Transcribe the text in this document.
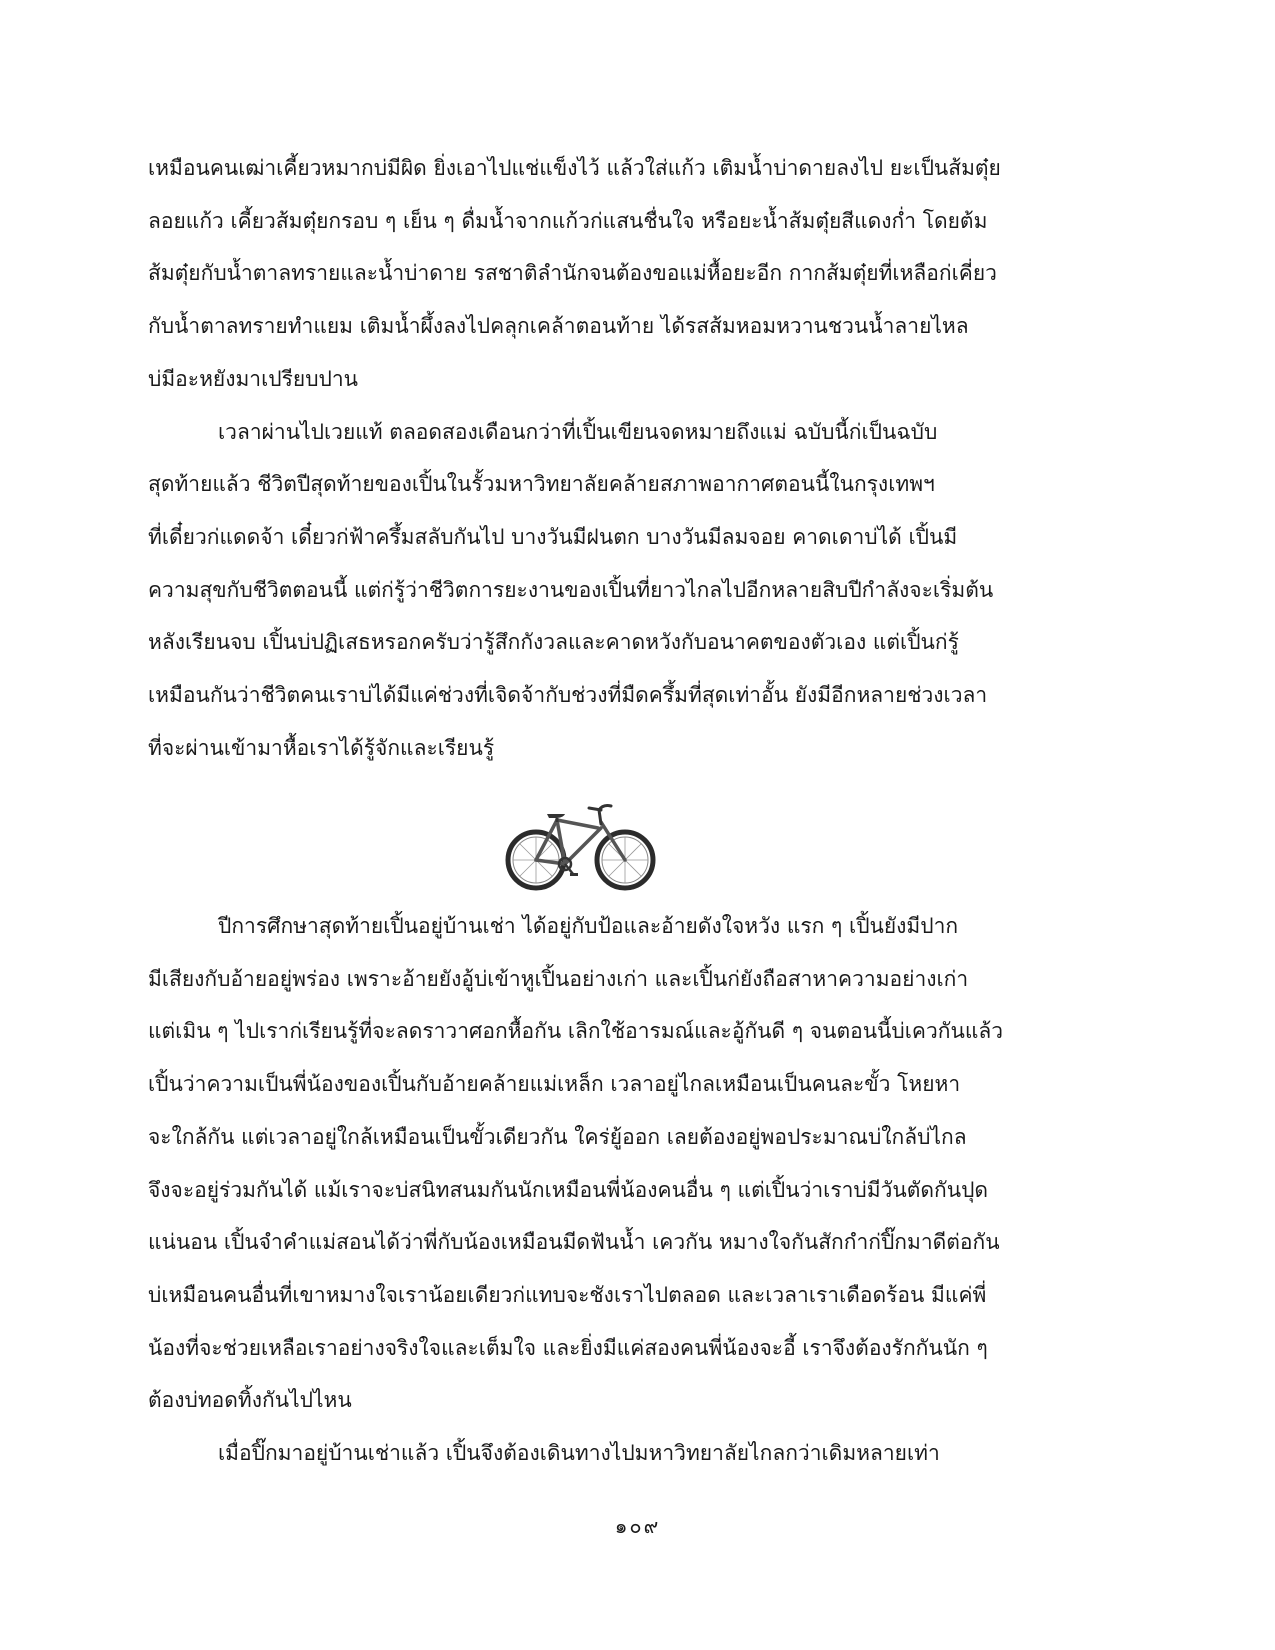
เหมือนคนเฒ่าเคี้ยวหมากบ่มีผิด ยิ่งเอาไปแช่แข็งไว้ แล้วใส่แก้ว เติมน้ำบ่าดายลงไป ยะเป็นส้มตุ๋ย
ลอยแก้ว เคี้ยวส้มตุ๋ยกรอบ ๆ เย็น ๆ ดื่มน้ำจากแก้วก่แสนชื่นใจ หรือยะน้ำส้มตุ๋ยสีแดงก่ำ โดยต้ม
ส้มตุ๋ยกับน้ำตาลทรายและน้ำบ่าดาย รสชาติลำนักจนต้องขอแม่หื้อยะอีก กากส้มตุ๋ยที่เหลือก่เคี่ยว
กับน้ำตาลทรายทำแยม เติมน้ำผึ้งลงไปคลุกเคล้าตอนท้าย ได้รสส้มหอมหวานชวนน้ำลายไหล
บ่มีอะหยังมาเปรียบปาน
เวลาผ่านไปเวยแท้ ตลอดสองเดือนกว่าที่เปิ้นเขียนจดหมายถึงแม่ ฉบับนี้ก่เป็นฉบับ
สุดท้ายแล้ว ชีวิตปีสุดท้ายของเปิ้นในรั้วมหาวิทยาลัยคล้ายสภาพอากาศตอนนี้ในกรุงเทพฯ
ที่เดี๋ยวก่แดดจ้า เดี๋ยวก่ฟ้าครึ้มสลับกันไป บางวันมีฝนตก บางวันมีลมจอย คาดเดาบ่ได้ เปิ้นมี
ความสุขกับชีวิตตอนนี้ แต่ก่รู้ว่าชีวิตการยะงานของเปิ้นที่ยาวไกลไปอีกหลายสิบปีกำลังจะเริ่มต้น
หลังเรียนจบ เปิ้นบ่ปฏิเสธหรอกครับว่ารู้สึกกังวลและคาดหวังกับอนาคตของตัวเอง แต่เปิ้นก่รู้
เหมือนกันว่าชีวิตคนเราบ่ได้มีแค่ช่วงที่เจิดจ้ากับช่วงที่มืดครึ้มที่สุดเท่าอั้น ยังมีอีกหลายช่วงเวลา
ที่จะผ่านเข้ามาหื้อเราได้รู้จักและเรียนรู้
ปีการศึกษาสุดท้ายเปิ้นอยู่บ้านเช่า ได้อยู่กับป้อและอ้ายดังใจหวัง แรก ๆ เปิ้นยังมีปาก
มีเสียงกับอ้ายอยู่พร่อง เพราะอ้ายยังอู้บ่เข้าหูเปิ้นอย่างเก่า และเปิ้นก่ยังถือสาหาความอย่างเก่า
แต่เมิน ๆ ไปเราก่เรียนรู้ที่จะลดราวาศอกหื้อกัน เลิกใช้อารมณ์และอู้กันดี ๆ จนตอนนี้บ่เควกันแล้ว
เปิ้นว่าความเป็นพี่น้องของเปิ้นกับอ้ายคล้ายแม่เหล็ก เวลาอยู่ไกลเหมือนเป็นคนละขั้ว โหยหา
จะใกล้กัน แต่เวลาอยู่ใกล้เหมือนเป็นขั้วเดียวกัน ใคร่ยู้ออก เลยต้องอยู่พอประมาณบ่ใกล้บ่ไกล
จึงจะอยู่ร่วมกันได้ แม้เราจะบ่สนิทสนมกันนักเหมือนพี่น้องคนอื่น ๆ แต่เปิ้นว่าเราบ่มีวันตัดกันปุด
แน่นอน เปิ้นจำคำแม่สอนได้ว่าพี่กับน้องเหมือนมีดฟันน้ำ เควกัน หมางใจกันสักกำก่ปิ๊กมาดีต่อกัน
บ่เหมือนคนอื่นที่เขาหมางใจเราน้อยเดียวก่แทบจะชังเราไปตลอด และเวลาเราเดือดร้อน มีแค่พี่
น้องที่จะช่วยเหลือเราอย่างจริงใจและเต็มใจ และยิ่งมีแค่สองคนพี่น้องจะอี้ เราจึงต้องรักกันนัก ๆ
ต้องบ่ทอดทิ้งกันไปไหน
เมื่อปิ๊กมาอยู่บ้านเช่าแล้ว เปิ้นจึงต้องเดินทางไปมหาวิทยาลัยไกลกว่าเดิมหลายเท่า
๑๐๙
